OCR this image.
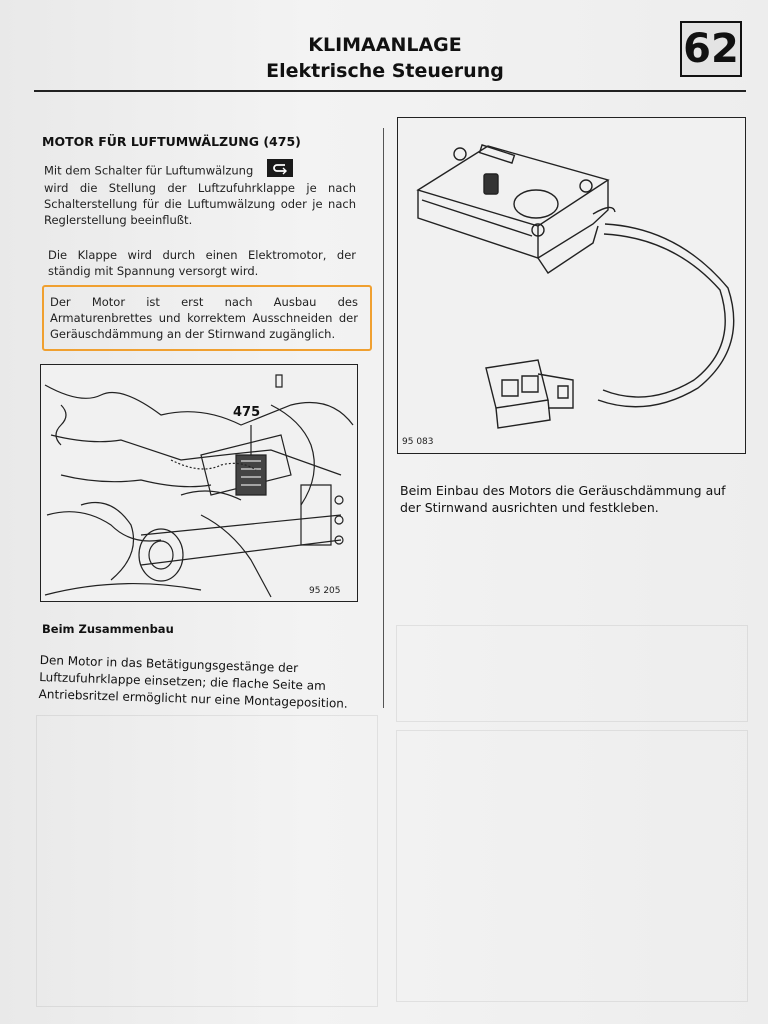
KLIMAANLAGE
Elektrische Steuerung	62
MOTOR FÜR LUFTUMWÄLZUNG (475)
Mit dem Schalter für Luftumwälzung
wird die Stellung der Luftzufuhrklappe je nach Schalterstellung für die Luftumwälzung oder je nach Reglerstellung beeinflußt.
Die Klappe wird durch einen Elektromotor, der ständig mit Spannung versorgt wird.
Der Motor ist erst nach Ausbau des Armaturenbrettes und korrektem Ausschneiden der Geräuschdämmung an der Stirnwand zugänglich.
475
95 205
95 083
Beim Einbau des Motors die Geräuschdämmung auf der Stirnwand ausrichten und festkleben.
Beim Zusammenbau
Den Motor in das Betätigungsgestänge der Luftzufuhrklappe einsetzen; die flache Seite am Antriebsritzel ermöglicht nur eine Montageposition.
